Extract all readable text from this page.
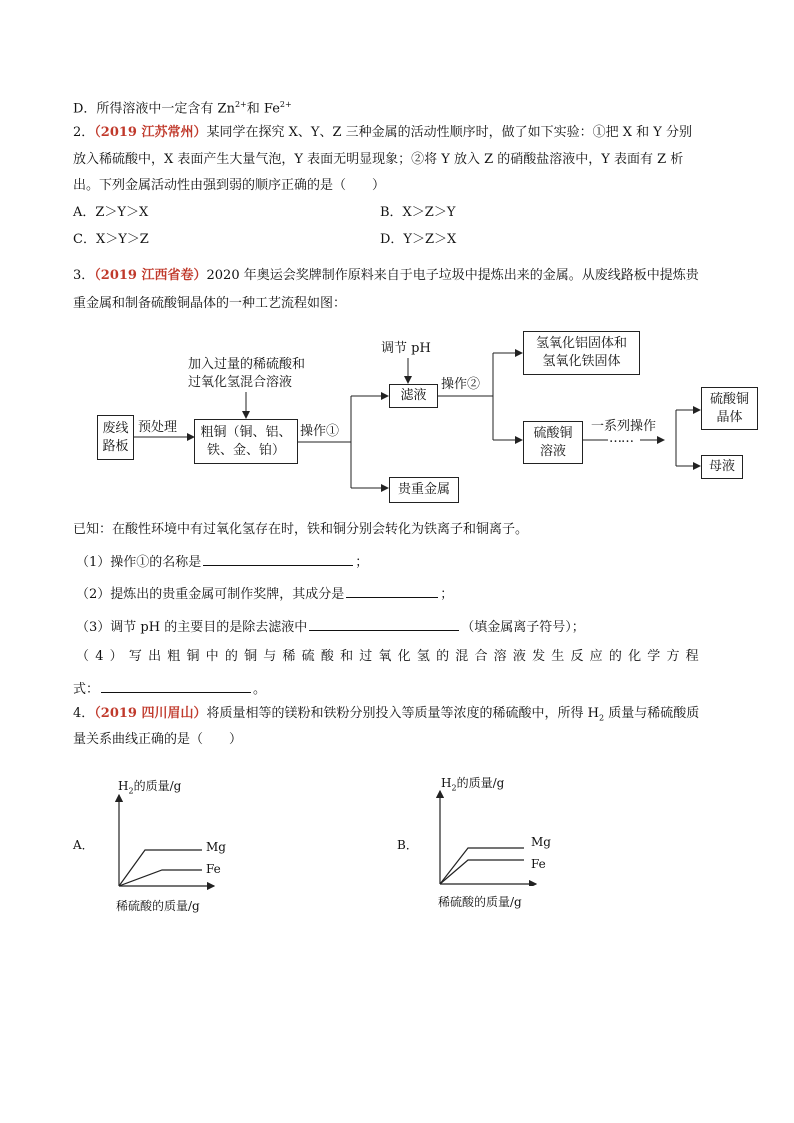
D．所得溶液中一定含有 $Zn^{2+}$和 $Fe^{2+}$
2．（2019 江苏常州）某同学在探究 X、Y、Z 三种金属的活动性顺序时，做了如下实验：①把 X 和 Y 分别
放入稀硫酸中，X 表面产生大量气泡，Y 表面无明显现象；②将 Y 放入 Z 的硝酸盐溶液中，Y 表面有 Z 析
出。下列金属活动性由强到弱的顺序正确的是（　　）
A．Z＞Y＞X	B．X＞Z＞Y
C．X＞Y＞Z	D．Y＞Z＞X
3．（2019 江西省卷）2020 年奥运会奖牌制作原料来自于电子垃圾中提炼出来的金属。从废线路板中提炼贵
重金属和制备硫酸铜晶体的一种工艺流程如图：
废线
路板
预处理
加入过量的稀硫酸和
过氧化氢混合溶液
粗铜（铜、铝、
铁、金、铂）
操作①
调节 pH
滤液
操作②
氢氧化铝固体和
氢氧化铁固体
硫酸铜
溶液
一系列操作
……
硫酸铜
晶体
母液
贵重金属
已知：在酸性环境中有过氧化氢存在时，铁和铜分别会转化为铁离子和铜离子。
（1）操作①的名称是	；
（2）提炼出的贵重金属可制作奖牌，其成分是	；
（3）调节 pH 的主要目的是除去滤液中	（填金属离子符号）；
（4）写出粗铜中的铜与稀硫酸和过氧化氢的混合溶液发生反应的化学方程
式：	。
4．（2019 四川眉山）将质量相等的镁粉和铁粉分别投入等质量等浓度的稀硫酸中，所得 $H_2$ 质量与稀硫酸质
量关系曲线正确的是（　　）
A．
$H_2$的质量/g
Mg
Fe
稀硫酸的质量/g
B．
$H_2$的质量/g
Mg
Fe
稀硫酸的质量/g
